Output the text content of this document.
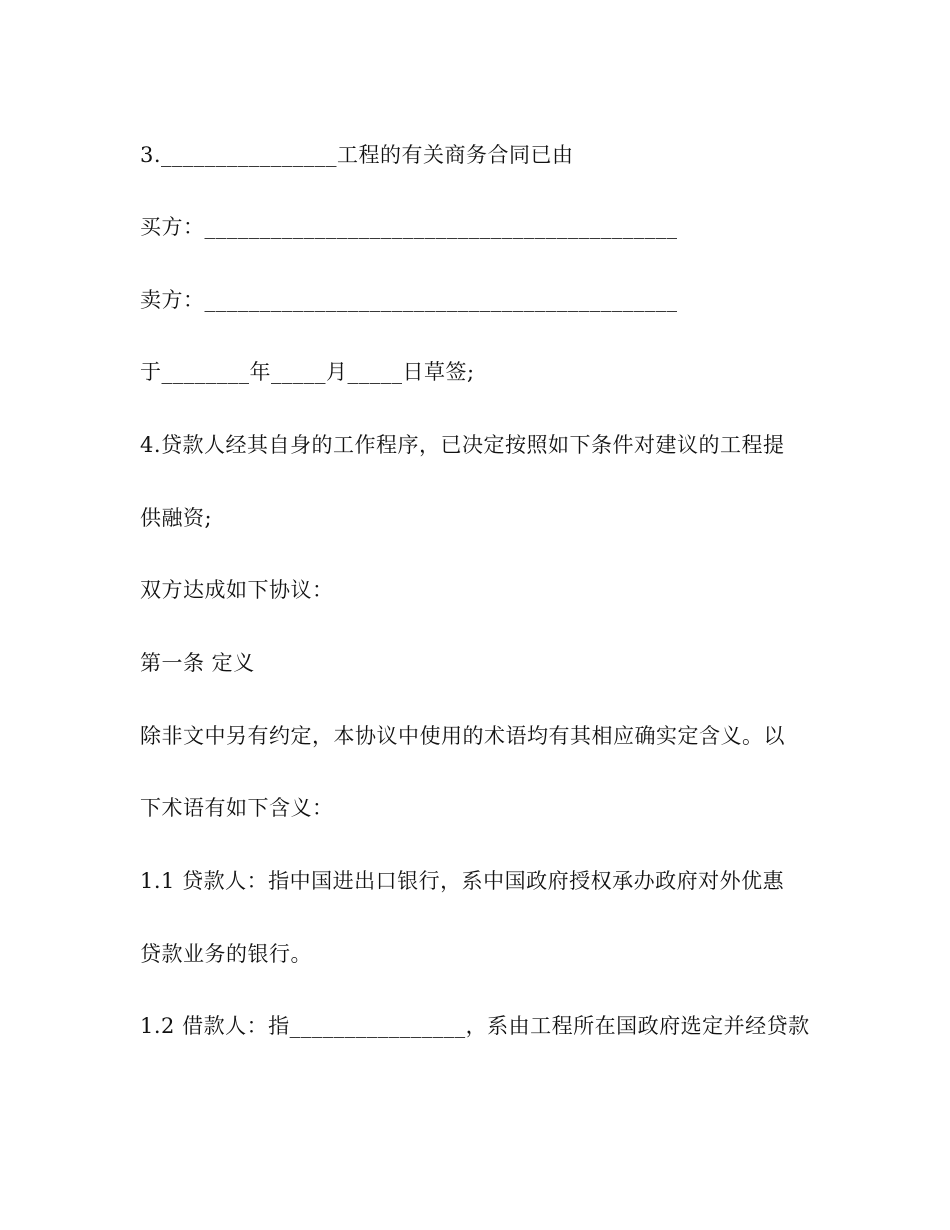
3.________________工程的有关商务合同已由
买方：___________________________________________
卖方：___________________________________________
于________年_____月_____日草签;
4.贷款人经其自身的工作程序，已决定按照如下条件对建议的工程提
供融资;
双方达成如下协议：
第一条 定义
除非文中另有约定，本协议中使用的术语均有其相应确实定含义。以
下术语有如下含义：
1.1 贷款人：指中国进出口银行，系中国政府授权承办政府对外优惠
贷款业务的银行。
1.2 借款人：指________________，系由工程所在国政府选定并经贷款
